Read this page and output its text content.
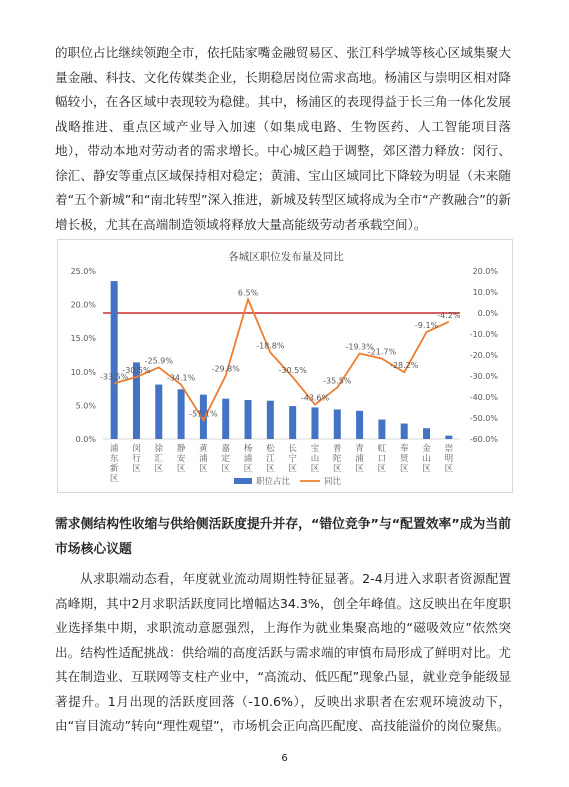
的职位占比继续领跑全市，依托陆家嘴金融贸易区、张江科学城等核心区域集聚大量金融、科技、文化传媒类企业，长期稳居岗位需求高地。杨浦区与崇明区相对降幅较小，在各区域中表现较为稳健。其中，杨浦区的表现得益于长三角一体化发展战略推进、重点区域产业导入加速（如集成电路、生物医药、人工智能项目落地），带动本地对劳动者的需求增长。中心城区趋于调整，郊区潜力释放：闵行、徐汇、静安等重点区域保持相对稳定；黄浦、宝山区域同比下降较为明显（未来随着“五个新城”和“南北转型”深入推进，新城及转型区域将成为全市“产教融合”的新增长极，尤其在高端制造领域将释放大量高能级劳动者承载空间）。

各城区职位发布量及同比
0.0%
5.0%
10.0%
15.0%
20.0%
25.0%
-60.0%
-50.0%
-40.0%
-30.0%
-20.0%
-10.0%
0.0%
10.0%
20.0%
-33.5%
-30.5%
-25.9%
-34.1%
-51.1%
-29.8%
6.5%
-18.8%
-30.5%
-43.6%
-35.5%
-19.3%
-21.7%
-28.2%
-9.1%
-4.2%
浦东新区
闵行区
徐汇区
静安区
黄浦区
嘉定区
杨浦区
松江区
长宁区
宝山区
普陀区
青浦区
虹口区
奉贤区
金山区
崇明区
职位占比	同比
需求侧结构性收缩与供给侧活跃度提升并存，“错位竞争”与“配置效率”成为当前市场核心议题

从求职端动态看，年度就业流动周期性特征显著。2-4月进入求职者资源配置高峰期，其中2月求职活跃度同比增幅达34.3%，创全年峰值。这反映出在年度职业选择集中期，求职流动意愿强烈，上海作为就业集聚高地的“磁吸效应”依然突出。结构性适配挑战：供给端的高度活跃与需求端的审慎布局形成了鲜明对比。尤其在制造业、互联网等支柱产业中，“高流动、低匹配”现象凸显，就业竞争能级显著提升。1月出现的活跃度回落（-10.6%），反映出求职者在宏观环境波动下，由“盲目流动”转向“理性观望”，市场机会正向高匹配度、高技能溢价的岗位聚焦。

6
